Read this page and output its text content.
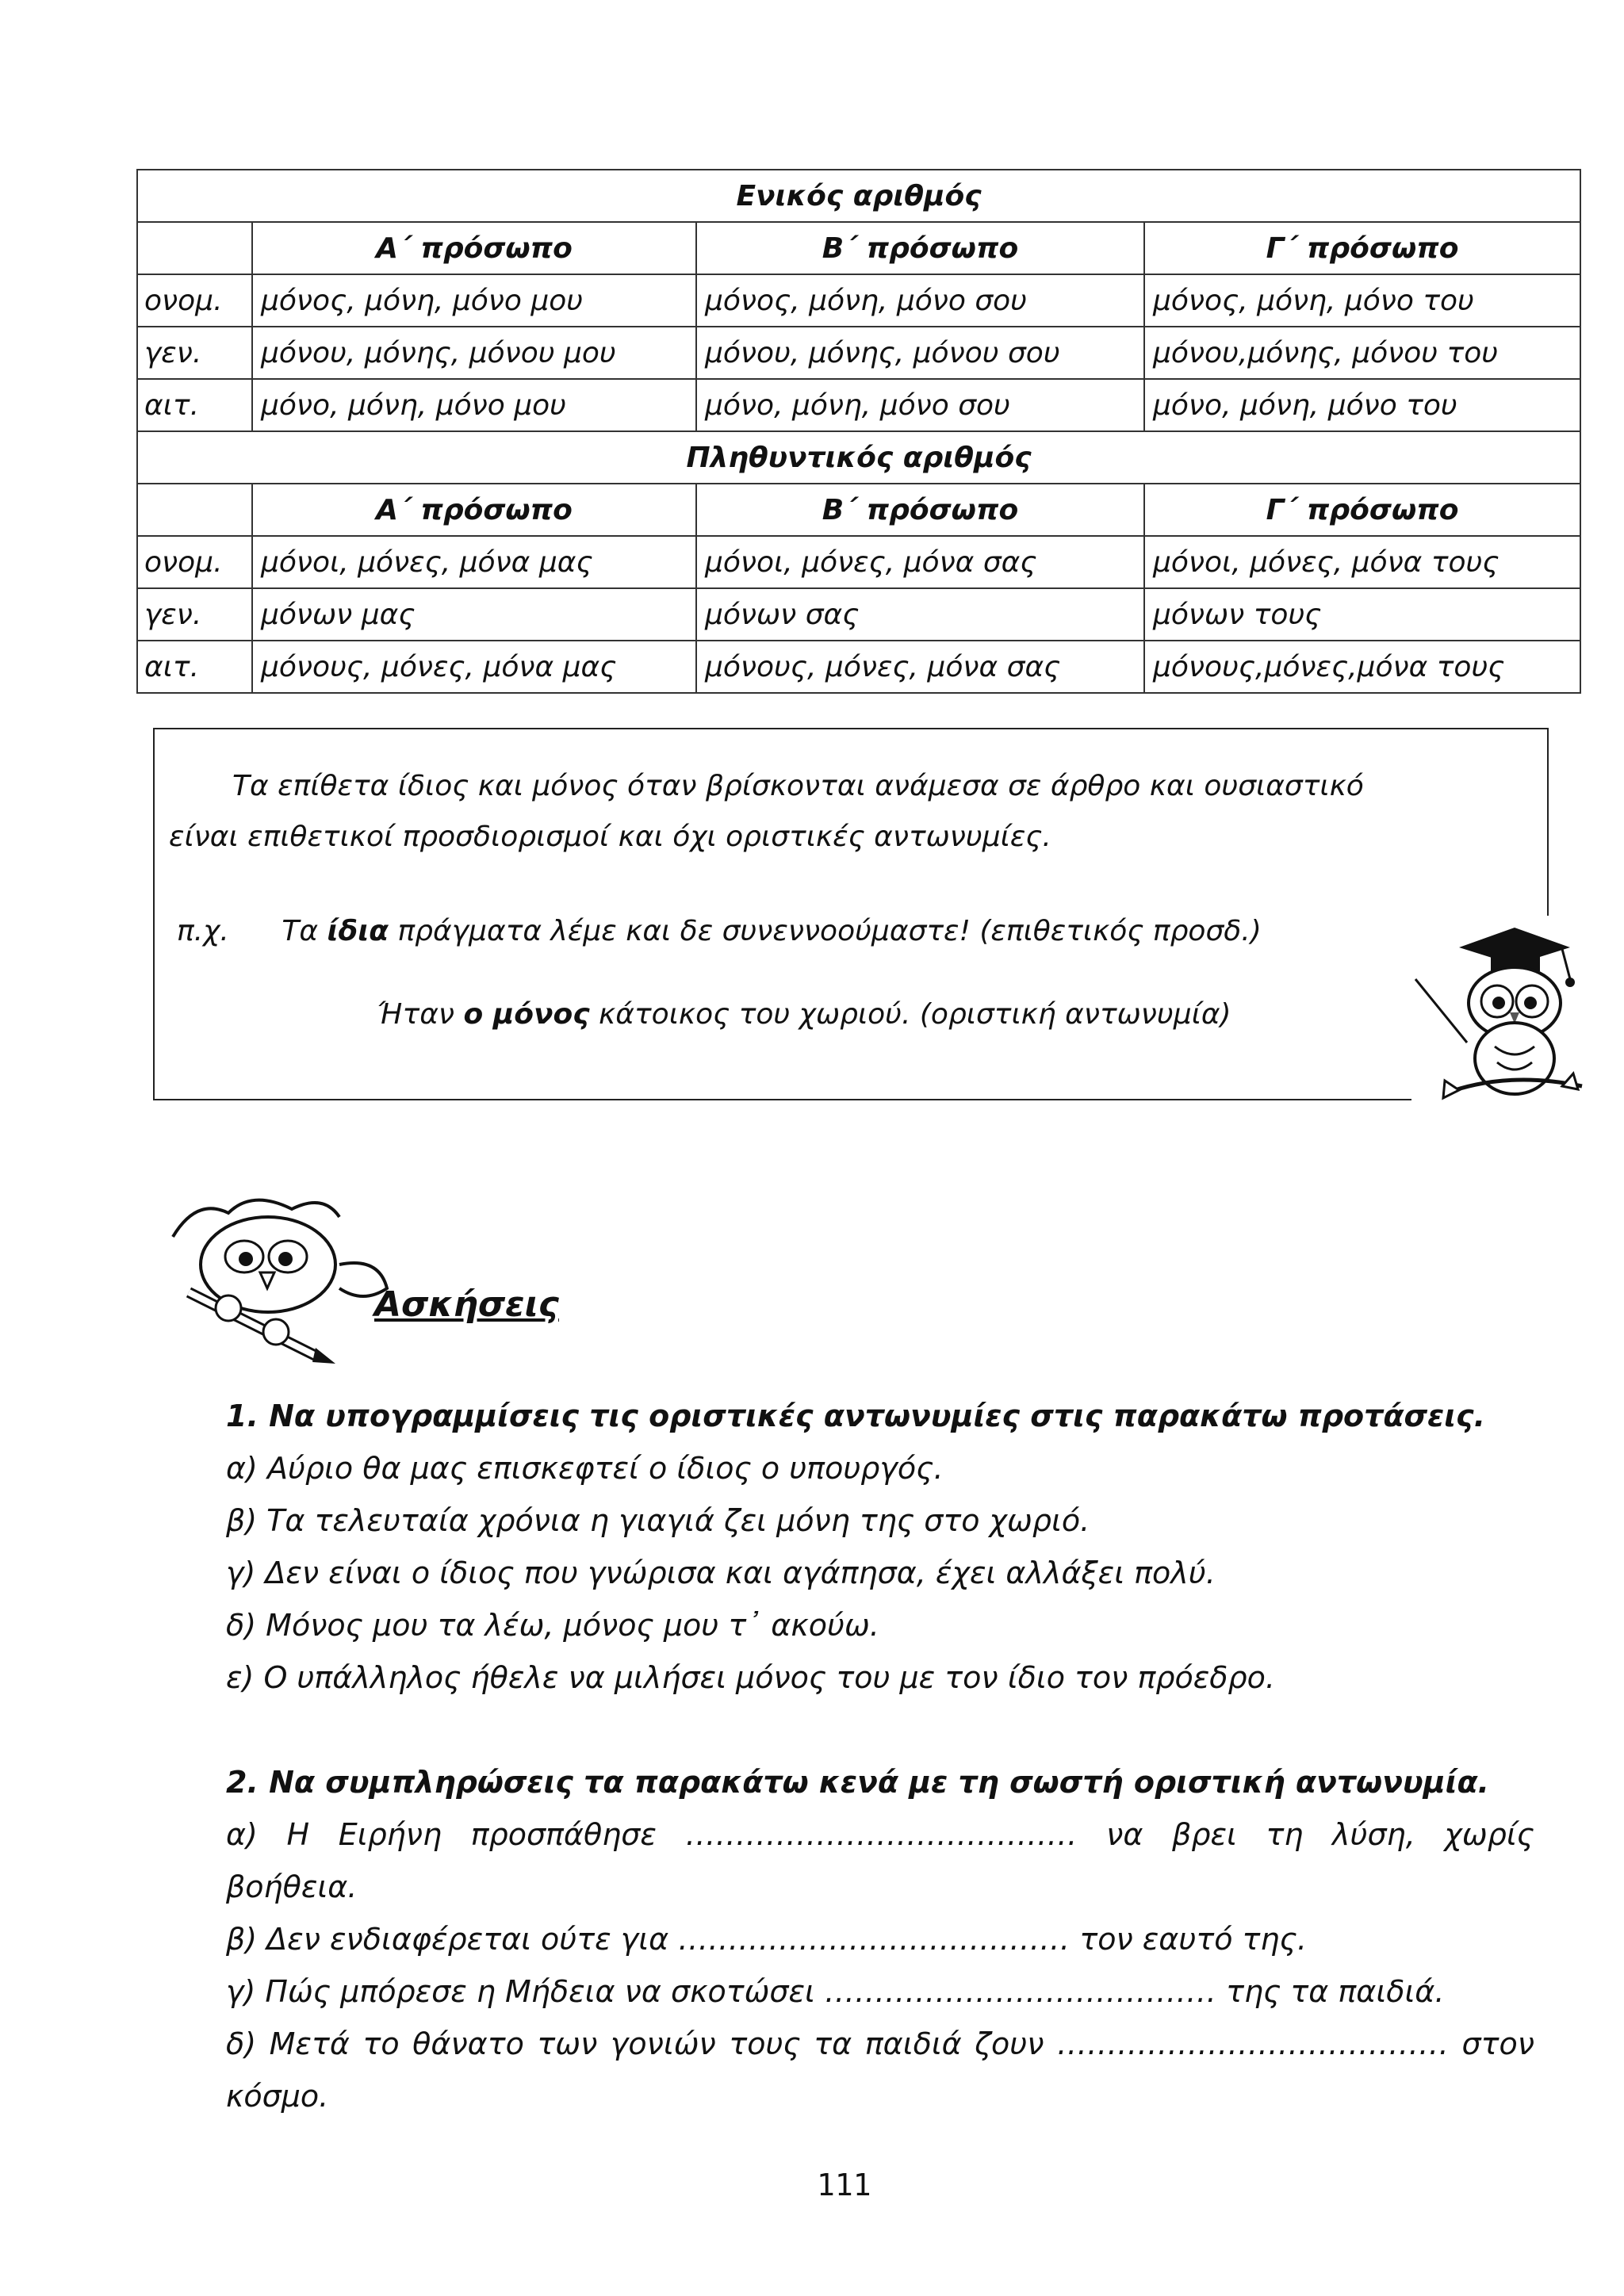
Ενικός αριθμός			
	Α΄ πρόσωπο	Β΄ πρόσωπο	Γ΄ πρόσωπο
ονομ.	μόνος, μόνη, μόνο μου	μόνος, μόνη, μόνο σου	μόνος, μόνη, μόνο του
γεν.	μόνου, μόνης, μόνου μου	μόνου, μόνης, μόνου σου	μόνου,μόνης, μόνου του
αιτ.	μόνο, μόνη, μόνο μου	μόνο, μόνη, μόνο σου	μόνο, μόνη, μόνο του
Πληθυντικός αριθμός			
	Α΄ πρόσωπο	Β΄ πρόσωπο	Γ΄ πρόσωπο
ονομ.	μόνοι, μόνες, μόνα μας	μόνοι, μόνες, μόνα σας	μόνοι, μόνες, μόνα τους
γεν.	μόνων μας	μόνων σας	μόνων τους
αιτ.	μόνους, μόνες, μόνα μας	μόνους, μόνες, μόνα σας	μόνους,μόνες,μόνα τους

Τα επίθετα ίδιος και μόνος όταν βρίσκονται ανάμεσα σε άρθρο και ουσιαστικό

είναι επιθετικοί προσδιορισμοί και όχι οριστικές αντωνυμίες.

π.χ. Τα ίδια πράγματα λέμε και δε συνεννοούμαστε! (επιθετικός προσδ.)

Ήταν ο μόνος κάτοικος του χωριού. (οριστική αντωνυμία)

Ασκήσεις
1. Να υπογραμμίσεις τις οριστικές αντωνυμίες στις παρακάτω προτάσεις.
α) Αύριο θα μας επισκεφτεί ο ίδιος ο υπουργός.
β) Τα τελευταία χρόνια η γιαγιά ζει μόνη της στο χωριό.
γ) Δεν είναι ο ίδιος που γνώρισα και αγάπησα, έχει αλλάξει πολύ.
δ) Μόνος μου τα λέω, μόνος μου τ᾽ ακούω.
ε) Ο υπάλληλος ήθελε να μιλήσει μόνος του με τον ίδιο τον πρόεδρο.
2. Να συμπληρώσεις τα παρακάτω κενά με τη σωστή οριστική αντωνυμία.
α) Η Ειρήνη προσπάθησε ………………………………… να βρει τη λύση, χωρίς
βοήθεια.
β) Δεν ενδιαφέρεται ούτε για ………………………………… τον εαυτό της.
γ) Πώς μπόρεσε η Μήδεια να σκοτώσει ………………………………… της τα παιδιά.
δ) Μετά το θάνατο των γονιών τους τα παιδιά ζουν ………………………………… στον
κόσμο.
111
